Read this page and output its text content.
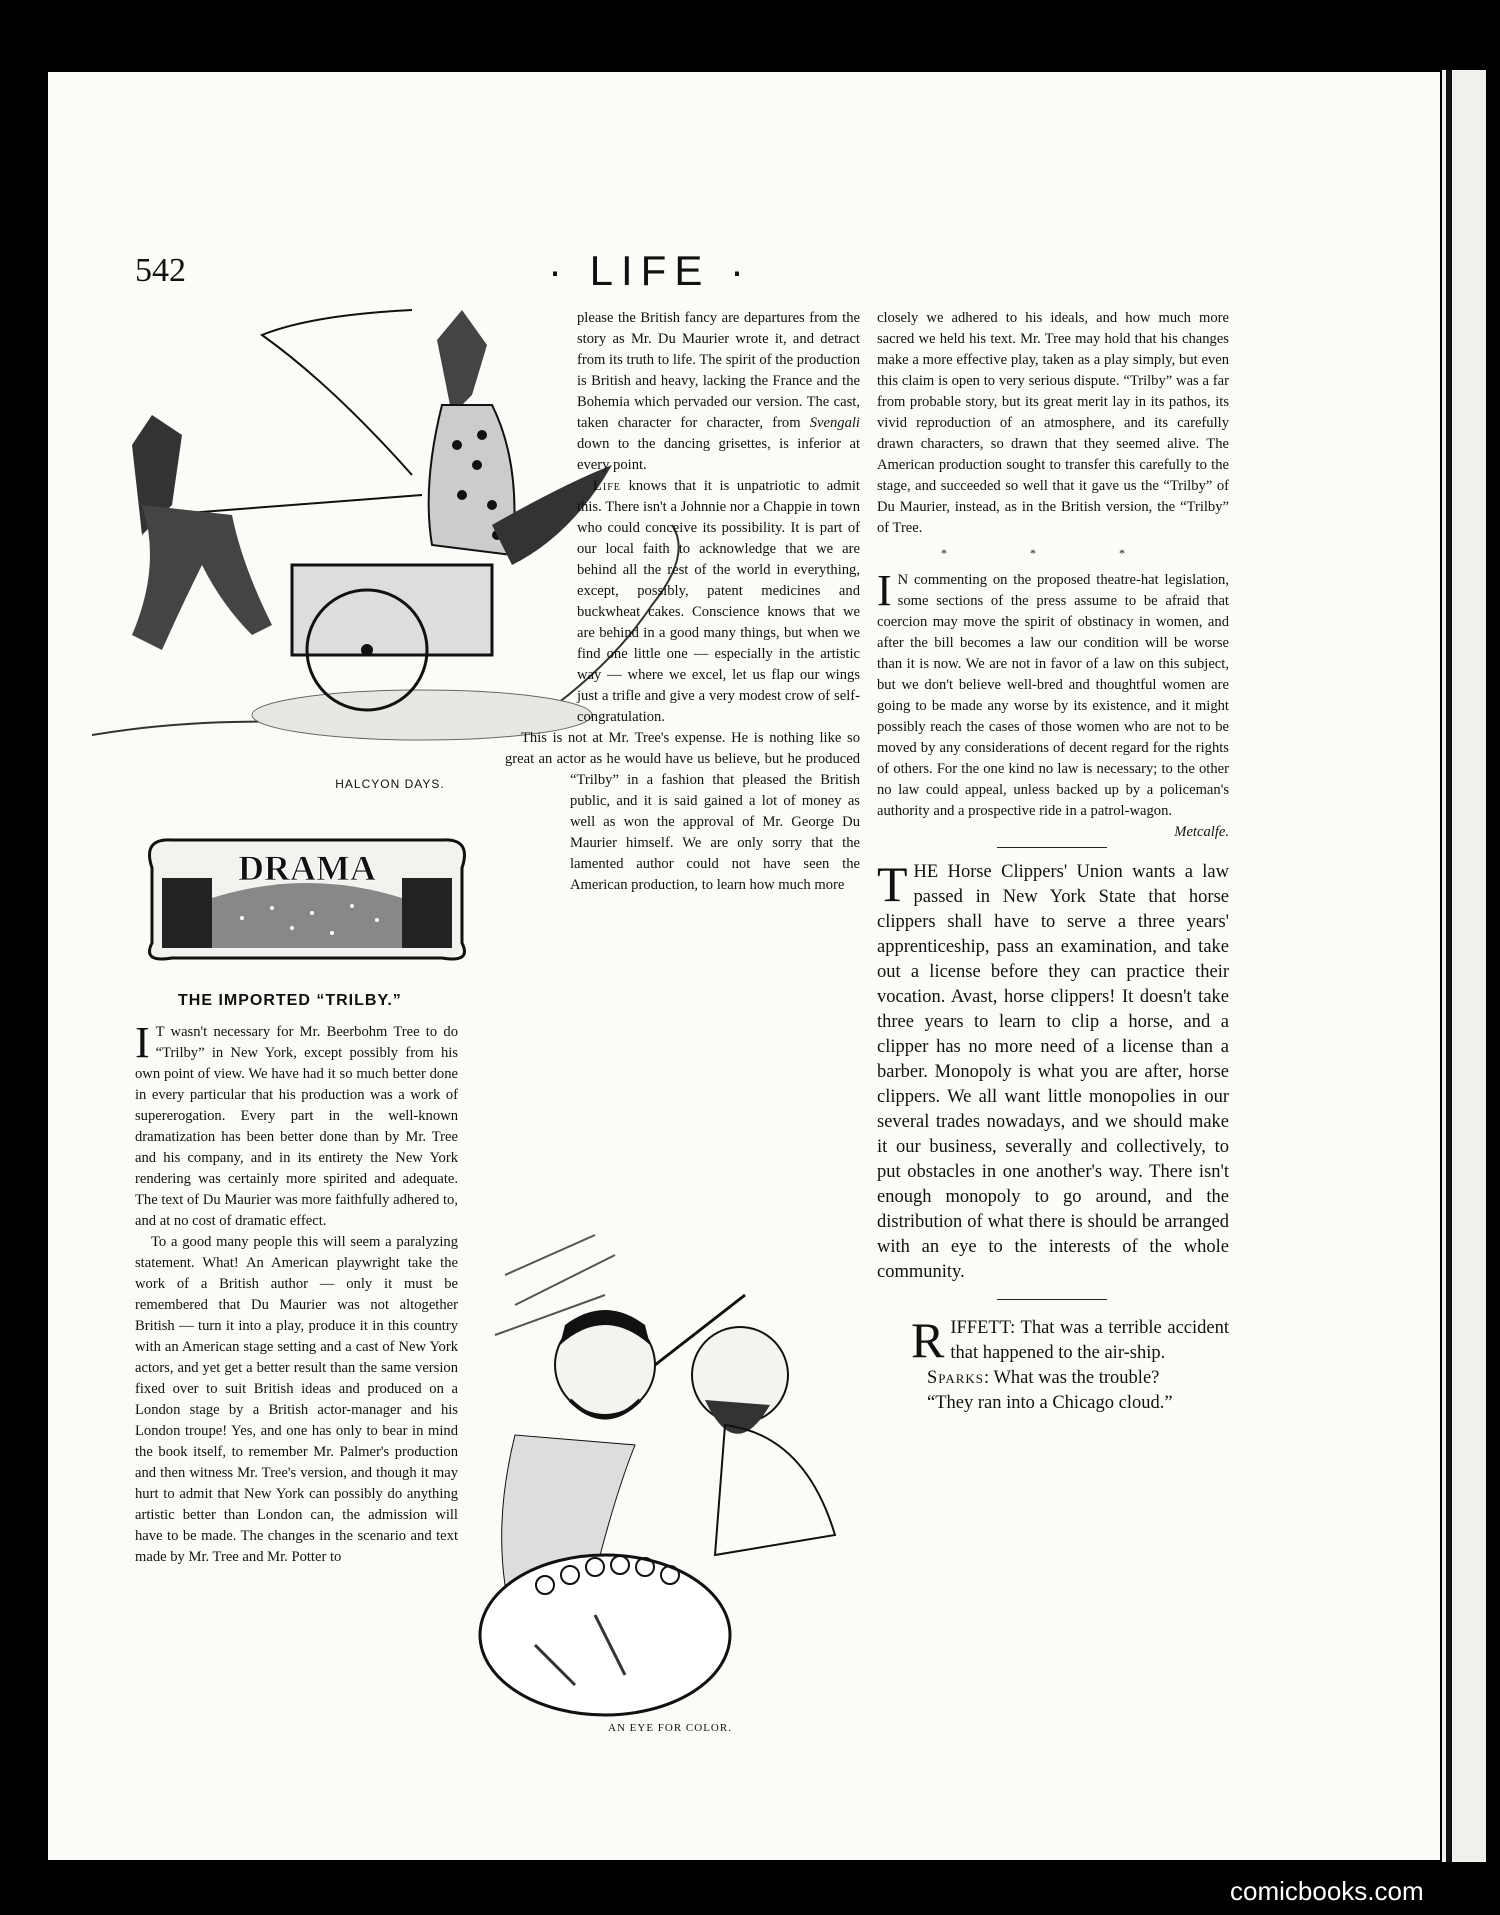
542	· LIFE ·
HALCYON DAYS.
DRAMA
THE IMPORTED “TRILBY.”

I T wasn't necessary for Mr. Beerbohm Tree to do “Trilby” in New York, except possibly from his own point of view. We have had it so much better done in every particular that his production was a work of supererogation. Every part in the well-known dramatization has been better done than by Mr. Tree and his company, and in its entirety the New York rendering was certainly more spirited and adequate. The text of Du Maurier was more faithfully adhered to, and at no cost of dramatic effect.

To a good many people this will seem a paralyzing statement. What! An American playwright take the work of a British author — only it must be remembered that Du Maurier was not altogether British — turn it into a play, produce it in this country with an American stage setting and a cast of New York actors, and yet get a better result than the same version fixed over to suit British ideas and produced on a London stage by a British actor-manager and his London troupe! Yes, and one has only to bear in mind the book itself, to remember Mr. Palmer's production and then witness Mr. Tree's version, and though it may hurt to admit that New York can possibly do anything artistic better than London can, the admission will have to be made. The changes in the scenario and text made by Mr. Tree and Mr. Potter to

please the British fancy are departures from the story as Mr. Du Maurier wrote it, and detract from its truth to life. The spirit of the production is British and heavy, lacking the France and the Bohemia which pervaded our version. The cast, taken character for character, from Svengali down to the dancing grisettes, is inferior at every point.

Life knows that it is unpatriotic to admit this. There isn't a Johnnie nor a Chappie in town who could conceive its possibility. It is part of our local faith to acknowledge that we are behind all the rest of the world in everything, except, possibly, patent medicines and buckwheat cakes. Conscience knows that we are behind in a good many things, but when we find one little one — especially in the artistic way — where we excel, let us flap our wings just a trifle and give a very modest crow of self-congratulation.

This is not at Mr. Tree's expense. He is nothing like so great an actor as he would have us believe, but he produced “Trilby” in a fashion that pleased the British public, and it is said gained a lot of money as well as won the approval of Mr. George Du Maurier himself. We are only sorry that the lamented author could not have seen the American production, to learn how much more

AN EYE FOR COLOR.

closely we adhered to his ideals, and how much more sacred we held his text. Mr. Tree may hold that his changes make a more effective play, taken as a play simply, but even this claim is open to very serious dispute. “Trilby” was a far from probable story, but its great merit lay in its pathos, its vivid reproduction of an atmosphere, and its carefully drawn characters, so drawn that they seemed alive. The American production sought to transfer this carefully to the stage, and succeeded so well that it gave us the “Trilby” of Du Maurier, instead, as in the British version, the “Trilby” of Tree.

* * *

I N commenting on the proposed theatre-hat legislation, some sections of the press assume to be afraid that coercion may move the spirit of obstinacy in women, and after the bill becomes a law our condition will be worse than it is now. We are not in favor of a law on this subject, but we don't believe well-bred and thoughtful women are going to be made any worse by its existence, and it might possibly reach the cases of those women who are not to be moved by any considerations of decent regard for the rights of others. For the one kind no law is necessary; to the other no law could appeal, unless backed up by a policeman's authority and a prospective ride in a patrol-wagon.

Metcalfe.

THE Horse Clippers' Union wants a law passed in New York State that horse clippers shall have to serve a three years' apprenticeship, pass an examination, and take out a license before they can practice their vocation. Avast, horse clippers! It doesn't take three years to learn to clip a horse, and a clipper has no more need of a license than a barber. Monopoly is what you are after, horse clippers. We all want little monopolies in our several trades nowadays, and we should make it our business, severally and collectively, to put obstacles in one another's way. There isn't enough monopoly to go around, and the distribution of what there is should be arranged with an eye to the interests of the whole community.

RIFFETT: That was a terrible accident that happened to the air-ship.

Sparks: What was the trouble?

“They ran into a Chicago cloud.”

comicbooks.com
